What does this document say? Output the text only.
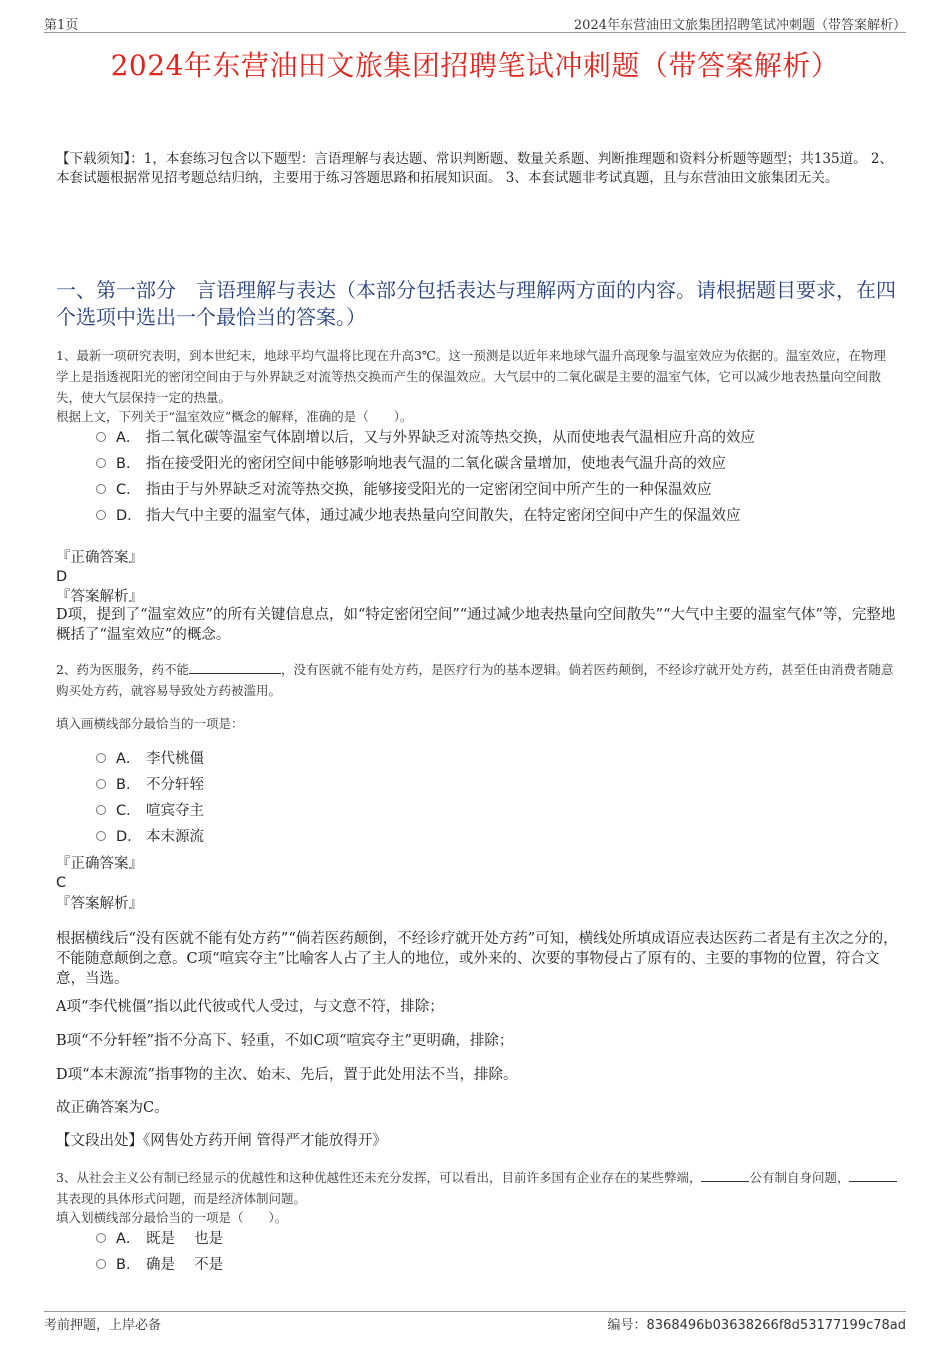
第1页	2024年东营油田文旅集团招聘笔试冲刺题（带答案解析）
2024年东营油田文旅集团招聘笔试冲刺题（带答案解析）
【下载须知】：1，本套练习包含以下题型：言语理解与表达题、常识判断题、数量关系题、判断推理题和资料分析题等题型；共135道。 2、本套试题根据常见招考题总结归纳，主要用于练习答题思路和拓展知识面。 3、本套试题非考试真题，且与东营油田文旅集团无关。
一、第一部分　言语理解与表达（本部分包括表达与理解两方面的内容。请根据题目要求，在四个选项中选出一个最恰当的答案。）
1、最新一项研究表明，到本世纪末，地球平均气温将比现在升高3℃。这一预测是以近年来地球气温升高现象与温室效应为依据的。温室效应，在物理学上是指透视阳光的密闭空间由于与外界缺乏对流等热交换而产生的保温效应。大气层中的二氧化碳是主要的温室气体，它可以减少地表热量向空间散失，使大气层保持一定的热量。
根据上文，下列关于“温室效应”概念的解释，准确的是（　　）。
A． 指二氧化碳等温室气体剧增以后，又与外界缺乏对流等热交换，从而使地表气温相应升高的效应
B． 指在接受阳光的密闭空间中能够影响地表气温的二氧化碳含量增加，使地表气温升高的效应
C． 指由于与外界缺乏对流等热交换，能够接受阳光的一定密闭空间中所产生的一种保温效应
D． 指大气中主要的温室气体，通过减少地表热量向空间散失，在特定密闭空间中产生的保温效应
『正确答案』
D
『答案解析』
D项，提到了“温室效应”的所有关键信息点，如“特定密闭空间”“通过减少地表热量向空间散失”“大气中主要的温室气体”等，完整地概括了“温室效应”的概念。
2、药为医服务，药不能	，没有医就不能有处方药，是医疗行为的基本逻辑。倘若医药颠倒，不经诊疗就开处方药，甚至任由消费者随意购买处方药，就容易导致处方药被滥用。
填入画横线部分最恰当的一项是：
A． 李代桃僵
B． 不分轩轾
C． 喧宾夺主
D． 本末源流
『正确答案』
C
『答案解析』
根据横线后“没有医就不能有处方药”“倘若医药颠倒，不经诊疗就开处方药”可知，横线处所填成语应表达医药二者是有主次之分的，不能随意颠倒之意。C项“喧宾夺主”比喻客人占了主人的地位，或外来的、次要的事物侵占了原有的、主要的事物的位置，符合文意，当选。
A项“李代桃僵”指以此代彼或代人受过，与文意不符，排除；
B项“不分轩轾”指不分高下、轻重，不如C项“喧宾夺主”更明确，排除；
D项“本末源流”指事物的主次、始末、先后，置于此处用法不当，排除。
故正确答案为C。
【文段出处】《网售处方药开闸 管得严才能放得开》
3、从社会主义公有制已经显示的优越性和这种优越性还未充分发挥，可以看出，目前许多国有企业存在的某些弊端，	公有制自身问题，其表现的具体形式问题，而是经济体制问题。
填入划横线部分最恰当的一项是（　　）。
A． 既是　 也是
B． 确是　 不是
考前押题，上岸必备	编号：8368496b03638266f8d53177199c78ad
